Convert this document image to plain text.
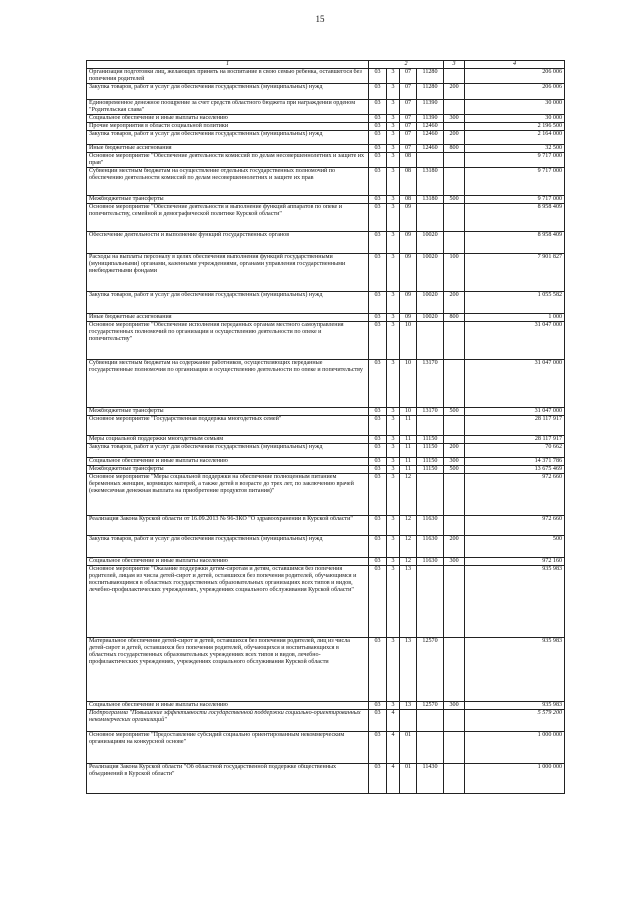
15
1	2				3	4
Организация подготовки лиц, желающих принять на воспитание в свою семью ребенка, оставшегося без попечения родителей	03	3	07	11280		206 006
Закупка товаров, работ и услуг для обеспечения государственных (муниципальных) нужд	03	3	07	11280	200	206 006
Единовременное денежное поощрение за счет средств областного бюджета при награждении орденом "Родительская слава"	03	3	07	11390		30 000
Социальное обеспечение и иные выплаты населению	03	3	07	11390	300	30 000
Прочие мероприятия в области социальной политики	03	3	07	12460		2 196 500
Закупка товаров, работ и услуг для обеспечения государственных (муниципальных) нужд	03	3	07	12460	200	2 164 000
Иные бюджетные ассигнования	03	3	07	12460	800	32 500
Основное мероприятие "Обеспечение деятельности комиссий по делам несовершеннолетних и защите их прав"	03	3	08			9 717 000
Субвенции местным бюджетам на осуществление отдельных государственных полномочий по обеспечению деятельности комиссий по делам несовершеннолетних и защите их прав	03	3	08	13180		9 717 000
Межбюджетные трансферты	03	3	08	13180	500	9 717 000
Основное мероприятие "Обеспечение деятельности и выполнение функций аппаратов по опеке и попечительству, семейной и демографической политике Курской области"	03	3	09			8 958 409
Обеспечение деятельности и выполнение функций государственных органов	03	3	09	10020		8 958 409
Расходы на выплаты персоналу в целях обеспечения выполнения функций государственными (муниципальными) органами, казенными учреждениями, органами управления государственными внебюджетными фондами	03	3	09	10020	100	7 901 827
Закупка товаров, работ и услуг для обеспечения государственных (муниципальных) нужд	03	3	09	10020	200	1 055 582
Иные бюджетные ассигнования	03	3	09	10020	800	1 000
Основное мероприятие "Обеспечение исполнения переданных органам местного самоуправления государственных полномочий по организации и осуществлению деятельности по опеке и попечительству"	03	3	10			31 047 000
Субвенции местным бюджетам на содержание работников, осуществляющих переданные государственные полномочия по организации и осуществлению деятельности по опеке и попечительству	03	3	10	13170		31 047 000
Межбюджетные трансферты	03	3	10	13170	500	31 047 000
Основное мероприятие "Государственная поддержка многодетных семей"	03	3	11			28 117 917
Меры социальной поддержки многодетным семьям	03	3	11	11150		28 117 917
Закупка товаров, работ и услуг для обеспечения государственных (муниципальных) нужд	03	3	11	11150	200	70 662
Социальное обеспечение и иные выплаты населению	03	3	11	11150	300	14 371 786
Межбюджетные трансферты	03	3	11	11150	500	13 675 469
Основное мероприятие "Меры социальной поддержки на обеспечение полноценным питанием беременных женщин, кормящих матерей, а также детей в возрасте до трех лет, по заключению врачей (ежемесячная денежная выплата на приобретение продуктов питания)"	03	3	12			972 660
Реализация Закона Курской области от 16.09.2013 № 96-ЗКО "О здравоохранении в Курской области"	03	3	12	11630		972 660
Закупка товаров, работ и услуг для обеспечения государственных (муниципальных) нужд	03	3	12	11630	200	500
Социальное обеспечение и иные выплаты населению	03	3	12	11630	300	972 160
Основное мероприятие "Оказание поддержки детям-сиротам и детям, оставшимся без попечения родителей, лицам из числа детей-сирот и детей, оставшихся без попечения родителей, обучающимся и воспитывающимся в областных государственных образовательных организациях всех типов и видов, лечебно-профилактических учреждениях, учреждениях социального обслуживания Курской области"	03	3	13			935 983
Материальное обеспечение детей-сирот и детей, оставшихся без попечения родителей, лиц из числа детей-сирот и детей, оставшихся без попечения родителей, обучающихся и воспитывающихся в областных государственных образовательных учреждениях всех типов и видов, лечебно-профилактических учреждениях, учреждениях социального обслуживания Курской области	03	3	13	12570		935 983
Социальное обеспечение и иные выплаты населению	03	3	13	12570	300	935 983
Подпрограмма "Повышение эффективности государственной поддержки социально-ориентированных некоммерческих организаций"	03	4				5 579 200
Основное мероприятие "Предоставление субсидий социально ориентированным некоммерческим организациям на конкурсной основе"	03	4	01			1 000 000
Реализация Закона Курской области "Об областной государственной поддержке общественных объединений в Курской области"	03	4	01	11430		1 000 000
